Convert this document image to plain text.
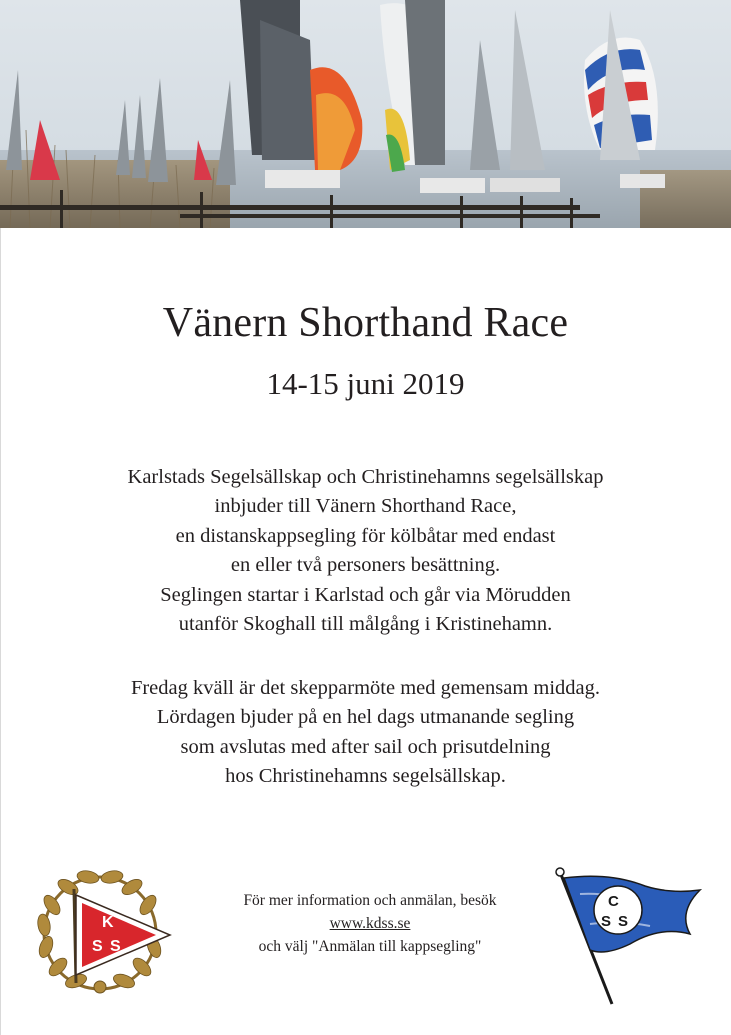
Vänern Shorthand Race
14-15 juni 2019
Karlstads Segelsällskap och Christinehamns segelsällskap
inbjuder till Vänern Shorthand Race,
en distanskappsegling för kölbåtar med endast
en eller två personers besättning.
Seglingen startar i Karlstad och går via Mörudden
utanför Skoghall till målgång i Kristinehamn.
Fredag kväll är det skepparmöte med gemensam middag.
Lördagen bjuder på en hel dags utmanande segling
som avslutas med after sail och prisutdelning
hos Christinehamns segelsällskap.
K
S S
För mer information och anmälan, besök
www.kdss.se
och välj "Anmälan till kappsegling"
C
S S
